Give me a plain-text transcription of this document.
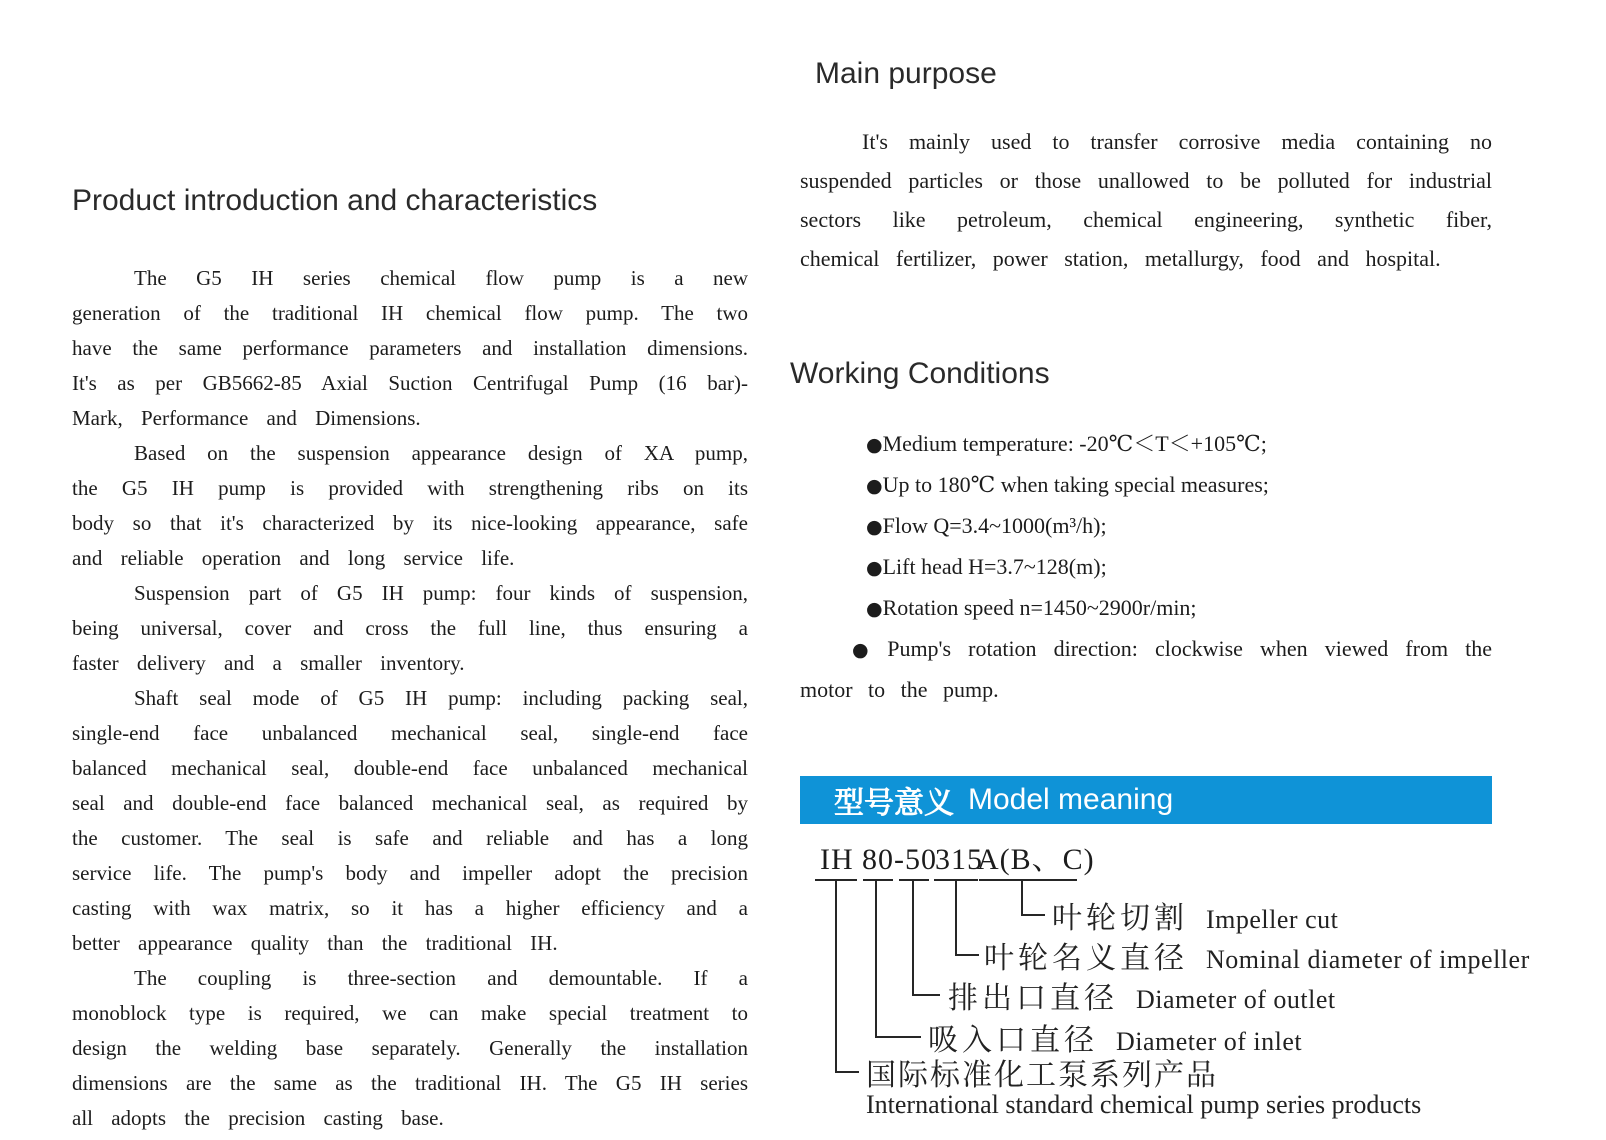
Product introduction and characteristics

The G5 IH series chemical flow pump is a new generation of the traditional IH chemical flow pump. The two have the same performance parameters and installation dimensions. It's as per GB5662-85 Axial Suction Centrifugal Pump (16 bar)-Mark, Performance and Dimensions.

Based on the suspension appearance design of XA pump, the G5 IH pump is provided with strengthening ribs on its body so that it's characterized by its nice-looking appearance, safe and reliable operation and long service life.

Suspension part of G5 IH pump: four kinds of suspension, being universal, cover and cross the full line, thus ensuring a faster delivery and a smaller inventory.

Shaft seal mode of G5 IH pump: including packing seal, single-end face unbalanced mechanical seal, single-end face balanced mechanical seal, double-end face unbalanced mechanical seal and double-end face balanced mechanical seal, as required by the customer. The seal is safe and reliable and has a long service life. The pump's body and impeller adopt the precision casting with wax matrix, so it has a higher efficiency and a better appearance quality than the traditional IH.

The coupling is three-section and demountable. If a monoblock type is required, we can make special treatment to design the welding base separately. Generally the installation dimensions are the same as the traditional IH. The G5 IH series all adopts the precision casting base.

Main purpose

It's mainly used to transfer corrosive media containing no suspended particles or those unallowed to be polluted for industrial sectors like petroleum, chemical engineering, synthetic fiber, chemical fertilizer, power station, metallurgy, food and hospital.

Working Conditions
●Medium temperature: -20℃＜T＜+105℃;
●Up to 180℃ when taking special measures;
●Flow Q=3.4~1000(m³/h);
●Lift head H=3.7~128(m);
●Rotation speed n=1450~2900r/min;

● Pump's rotation direction: clockwise when viewed from the motor to the pump.

型号意义 Model meaning
IH 80-50
315
A(B、C)
叶轮切割 Impeller cut
叶轮名义直径 Nominal diameter of impeller
排出口直径 Diameter of outlet
吸入口直径 Diameter of inlet
国际标准化工泵系列产品
International standard chemical pump series products
